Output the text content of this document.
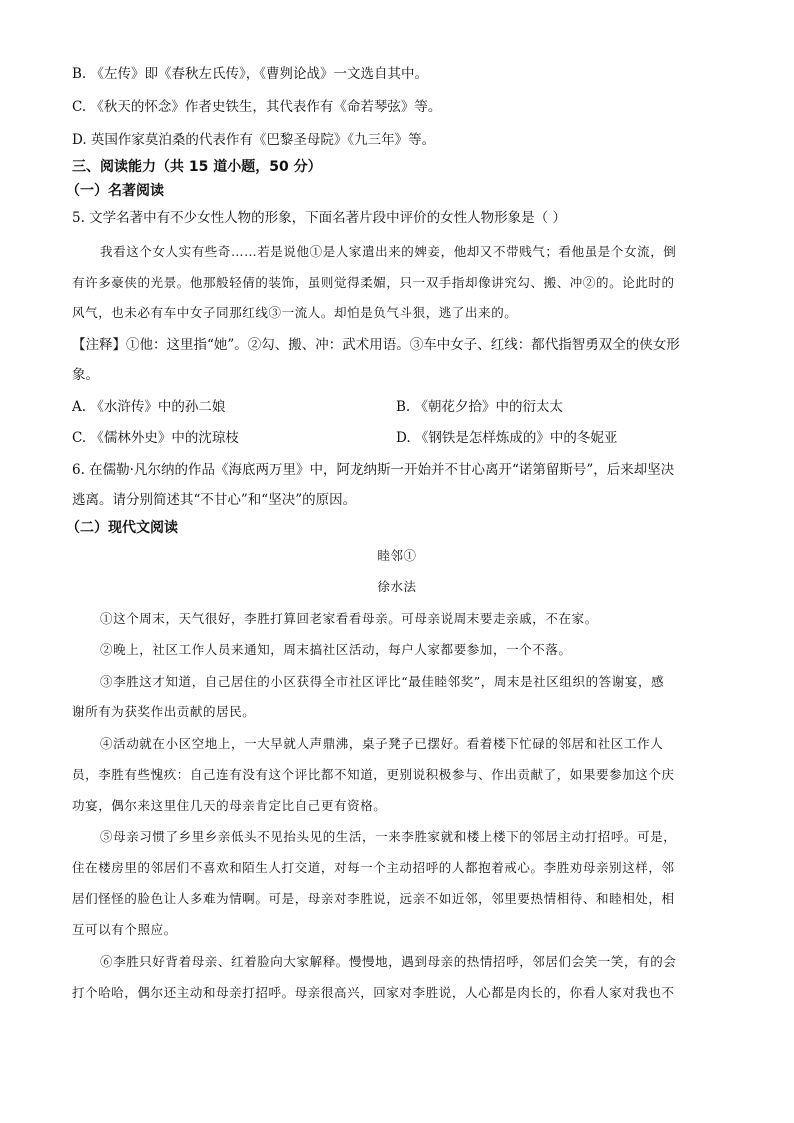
B. 《左传》即《春秋左氏传》，《曹刿论战》一文选自其中。
C. 《秋天的怀念》作者史铁生，其代表作有《命若琴弦》等。
D. 英国作家莫泊桑的代表作有《巴黎圣母院》《九三年》等。
三、阅读能力（共 15 道小题，50 分）
（一）名著阅读
5. 文学名著中有不少女性人物的形象，下面名著片段中评价的女性人物形象是（ ）
我看这个女人实有些奇……若是说他①是人家遣出来的婢妾，他却又不带贱气；看他虽是个女流，倒
有许多豪侠的光景。他那般轻倩的装饰，虽则觉得柔媚，只一双手指却像讲究勾、搬、冲②的。论此时的
风气，也未必有车中女子同那红线③一流人。却怕是负气斗狠，逃了出来的。
【注释】①他：这里指“她”。②勾、搬、冲：武术用语。③车中女子、红线：都代指智勇双全的侠女形
象。
A. 《水浒传》中的孙二娘	B. 《朝花夕拾》中的衍太太
C. 《儒林外史》中的沈琼枝	D. 《钢铁是怎样炼成的》中的冬妮亚
6. 在儒勒·凡尔纳的作品《海底两万里》中，阿龙纳斯一开始并不甘心离开“诺第留斯号”，后来却坚决
逃离。请分别简述其“不甘心”和“坚决”的原因。
（二）现代文阅读
睦邻①
徐水法
①这个周末，天气很好，李胜打算回老家看看母亲。可母亲说周末要走亲戚，不在家。
②晚上，社区工作人员来通知，周末搞社区活动，每户人家都要参加，一个不落。
③李胜这才知道，自己居住的小区获得全市社区评比“最佳睦邻奖”，周末是社区组织的答谢宴，感
谢所有为获奖作出贡献的居民。
④活动就在小区空地上，一大早就人声鼎沸，桌子凳子已摆好。看着楼下忙碌的邻居和社区工作人
员，李胜有些愧疚：自己连有没有这个评比都不知道，更别说积极参与、作出贡献了，如果要参加这个庆
功宴，偶尔来这里住几天的母亲肯定比自己更有资格。
⑤母亲习惯了乡里乡亲低头不见抬头见的生活，一来李胜家就和楼上楼下的邻居主动打招呼。可是，
住在楼房里的邻居们不喜欢和陌生人打交道，对每一个主动招呼的人都抱着戒心。李胜劝母亲别这样，邻
居们怪怪的脸色让人多难为情啊。可是，母亲对李胜说，远亲不如近邻，邻里要热情相待、和睦相处，相
互可以有个照应。
⑥李胜只好背着母亲、红着脸向大家解释。慢慢地，遇到母亲的热情招呼，邻居们会笑一笑，有的会
打个哈哈，偶尔还主动和母亲打招呼。母亲很高兴，回家对李胜说，人心都是肉长的，你看人家对我也不
